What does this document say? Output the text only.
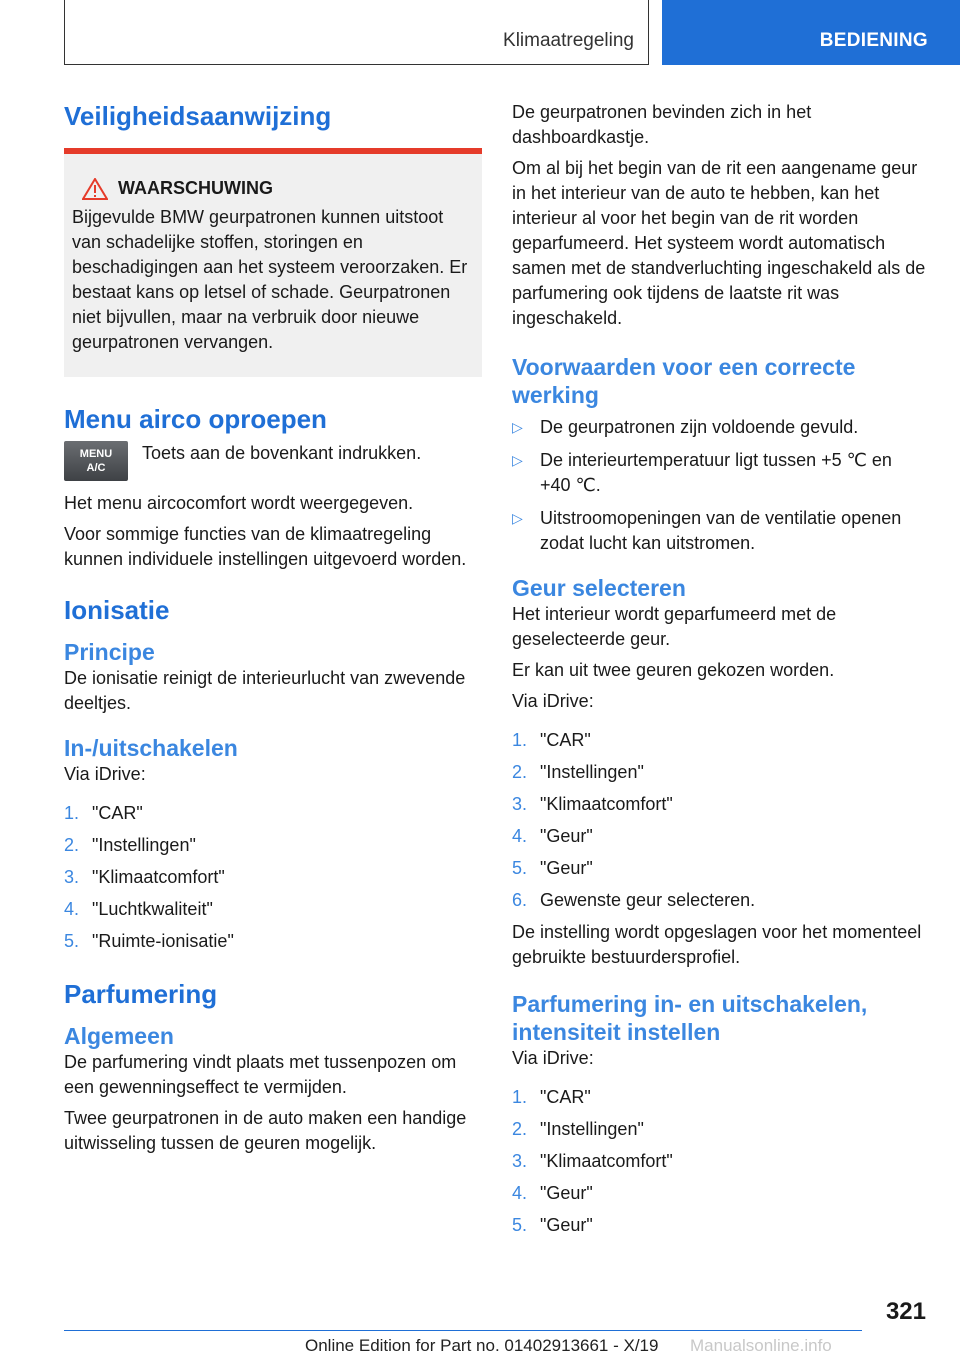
Klimaatregeling	BEDIENING
Veiligheidsaanwijzing
WAARSCHUWING

Bijgevulde BMW geurpatronen kunnen uitstoot van schadelijke stoffen, storingen en beschadigingen aan het systeem veroorzaken. Er bestaat kans op letsel of schade. Geurpatronen niet bijvullen, maar na verbruik door nieuwe geurpatronen vervangen.

Menu airco oproepen
MENU
A/C
Toets aan de bovenkant indrukken.

Het menu aircocomfort wordt weergegeven.

Voor sommige functies van de klimaatregeling kunnen individuele instellingen uitgevoerd worden.

Ionisatie
Principe

De ionisatie reinigt de interieurlucht van zwevende deeltjes.

In-/uitschakelen

Via iDrive:

1. "CAR"
2. "Instellingen"
3. "Klimaatcomfort"
4. "Luchtkwaliteit"
5. "Ruimte-ionisatie"
Parfumering
Algemeen

De parfumering vindt plaats met tussenpozen om een gewenningseffect te vermijden.

Twee geurpatronen in de auto maken een handige uitwisseling tussen de geuren mogelijk.

De geurpatronen bevinden zich in het dashboardkastje.

Om al bij het begin van de rit een aangename geur in het interieur van de auto te hebben, kan het interieur al voor het begin van de rit worden geparfumeerd. Het systeem wordt automatisch samen met de standverluchting ingeschakeld als de parfumering ook tijdens de laatste rit was ingeschakeld.

Voorwaarden voor een correcte werking
▷ De geurpatronen zijn voldoende gevuld.
▷ De interieurtemperatuur ligt tussen +5 ℃ en +40 ℃.
▷ Uitstroomopeningen van de ventilatie openen zodat lucht kan uitstromen.
Geur selecteren

Het interieur wordt geparfumeerd met de geselecteerde geur.

Er kan uit twee geuren gekozen worden.

Via iDrive:

1. "CAR"
2. "Instellingen"
3. "Klimaatcomfort"
4. "Geur"
5. "Geur"
6. Gewenste geur selecteren.

De instelling wordt opgeslagen voor het momenteel gebruikte bestuurdersprofiel.

Parfumering in- en uitschakelen, intensiteit instellen

Via iDrive:

1. "CAR"
2. "Instellingen"
3. "Klimaatcomfort"
4. "Geur"
5. "Geur"
321
Online Edition for Part no. 01402913661 - X/19 Manualsonline.info
